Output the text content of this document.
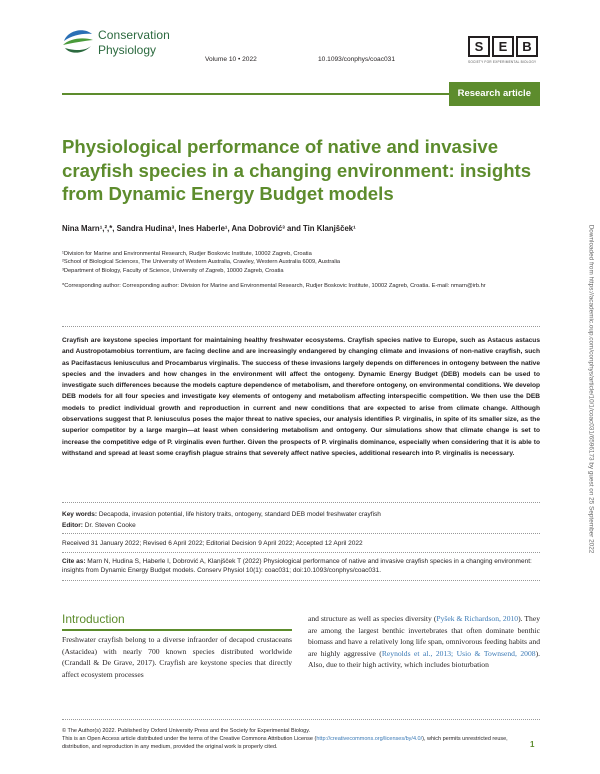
Conservation
Physiology
Volume 10 • 2022	10.1093/conphys/coac031
S E B
SOCIETY FOR EXPERIMENTAL BIOLOGY
Research article
Physiological performance of native and invasive crayfish species in a changing environment: insights from Dynamic Energy Budget models
Nina Marn¹,²,*, Sandra Hudina³, Ines Haberle¹, Ana Dobrović³ and Tin Klanjšček¹
¹Division for Marine and Environmental Research, Rudjer Boskovic Institute, 10002 Zagreb, Croatia
²School of Biological Sciences, The University of Western Australia, Crawley, Western Australia 6009, Australia
³Department of Biology, Faculty of Science, University of Zagreb, 10000 Zagreb, Croatia
*Corresponding author: Corresponding author: Division for Marine and Environmental Research, Rudjer Boskovic Institute, 10002 Zagreb, Croatia. E-mail: nmarn@irb.hr
Crayfish are keystone species important for maintaining healthy freshwater ecosystems. Crayfish species native to Europe, such as Astacus astacus and Austropotamobius torrentium, are facing decline and are increasingly endangered by changing climate and invasions of non-native crayfish, such as Pacifastacus leniusculus and Procambarus virginalis. The success of these invasions largely depends on differences in ontogeny between the native species and the invaders and how changes in the environment will affect the ontogeny. Dynamic Energy Budget (DEB) models can be used to investigate such differences because the models capture dependence of metabolism, and therefore ontogeny, on environmental conditions. We develop DEB models for all four species and investigate key elements of ontogeny and metabolism affecting interspecific competition. We then use the DEB models to predict individual growth and reproduction in current and new conditions that are expected to arise from climate change. Although observations suggest that P. leniusculus poses the major threat to native species, our analysis identifies P. virginalis, in spite of its smaller size, as the superior competitor by a large margin—at least when considering metabolism and ontogeny. Our simulations show that climate change is set to increase the competitive edge of P. virginalis even further. Given the prospects of P. virginalis dominance, especially when considering that it is able to withstand and spread at least some crayfish plague strains that severely affect native species, additional research into P. virginalis is necessary.
Key words: Decapoda, invasion potential, life history traits, ontogeny, standard DEB model freshwater crayfish
Editor: Dr. Steven Cooke
Received 31 January 2022; Revised 6 April 2022; Editorial Decision 9 April 2022; Accepted 12 April 2022
Cite as: Marn N, Hudina S, Haberle I, Dobrović A, Klanjšček T (2022) Physiological performance of native and invasive crayfish species in a changing environment: insights from Dynamic Energy Budget models. Conserv Physiol 10(1): coac031; doi:10.1093/conphys/coac031.
Introduction
Freshwater crayfish belong to a diverse infraorder of decapod crustaceans (Astacidea) with nearly 700 known species distributed worldwide (Crandall & De Grave, 2017). Crayfish are keystone species that directly affect ecosystem processes
and structure as well as species diversity (Pyšek & Richardson, 2010). They are among the largest benthic invertebrates that often dominate benthic biomass and have a relatively long life span, omnivorous feeding habits and are highly aggressive (Reynolds et al., 2013; Usio & Townsend, 2008). Also, due to their high activity, which includes bioturbation
© The Author(s) 2022. Published by Oxford University Press and the Society for Experimental Biology.
This is an Open Access article distributed under the terms of the Creative Commons Attribution License (http://creativecommons.org/licenses/by/4.0/), which permits unrestricted reuse, distribution, and reproduction in any medium, provided the original work is properly cited.	1
Downloaded from https://academic.oup.com/conphys/article/10/1/coac031/6596173 by guest on 25 September 2022
